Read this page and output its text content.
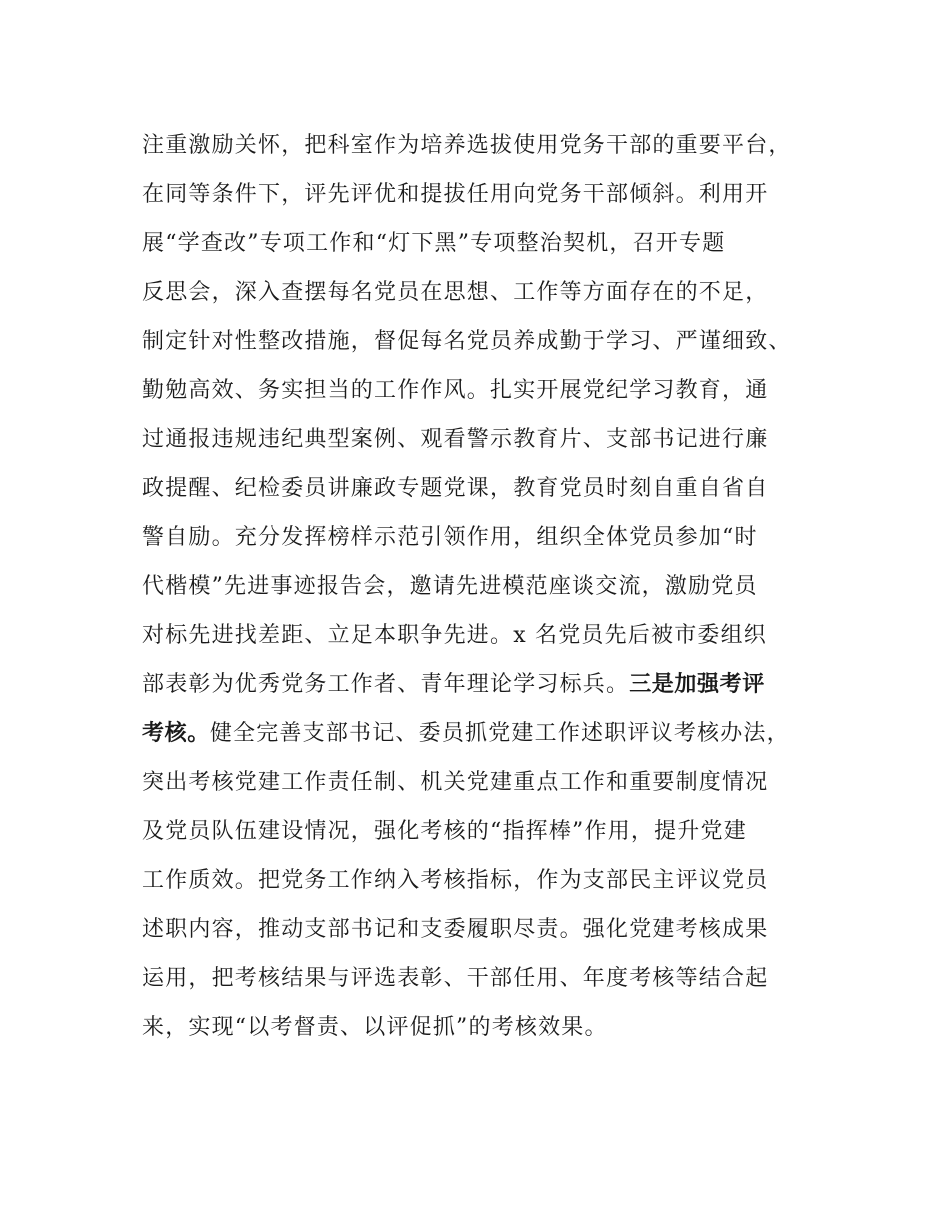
注重激励关怀，把科室作为培养选拔使用党务干部的重要平台，
在同等条件下，评先评优和提拔任用向党务干部倾斜。利用开
展“学查改”专项工作和“灯下黑”专项整治契机，召开专题
反思会，深入查摆每名党员在思想、工作等方面存在的不足，
制定针对性整改措施，督促每名党员养成勤于学习、严谨细致、
勤勉高效、务实担当的工作作风。扎实开展党纪学习教育，通
过通报违规违纪典型案例、观看警示教育片、支部书记进行廉
政提醒、纪检委员讲廉政专题党课，教育党员时刻自重自省自
警自励。充分发挥榜样示范引领作用，组织全体党员参加“时
代楷模”先进事迹报告会，邀请先进模范座谈交流，激励党员
对标先进找差距、立足本职争先进。x 名党员先后被市委组织
部表彰为优秀党务工作者、青年理论学习标兵。三是加强考评
考核。健全完善支部书记、委员抓党建工作述职评议考核办法，
突出考核党建工作责任制、机关党建重点工作和重要制度情况
及党员队伍建设情况，强化考核的“指挥棒”作用，提升党建
工作质效。把党务工作纳入考核指标，作为支部民主评议党员
述职内容，推动支部书记和支委履职尽责。强化党建考核成果
运用，把考核结果与评选表彰、干部任用、年度考核等结合起
来，实现“以考督责、以评促抓”的考核效果。
